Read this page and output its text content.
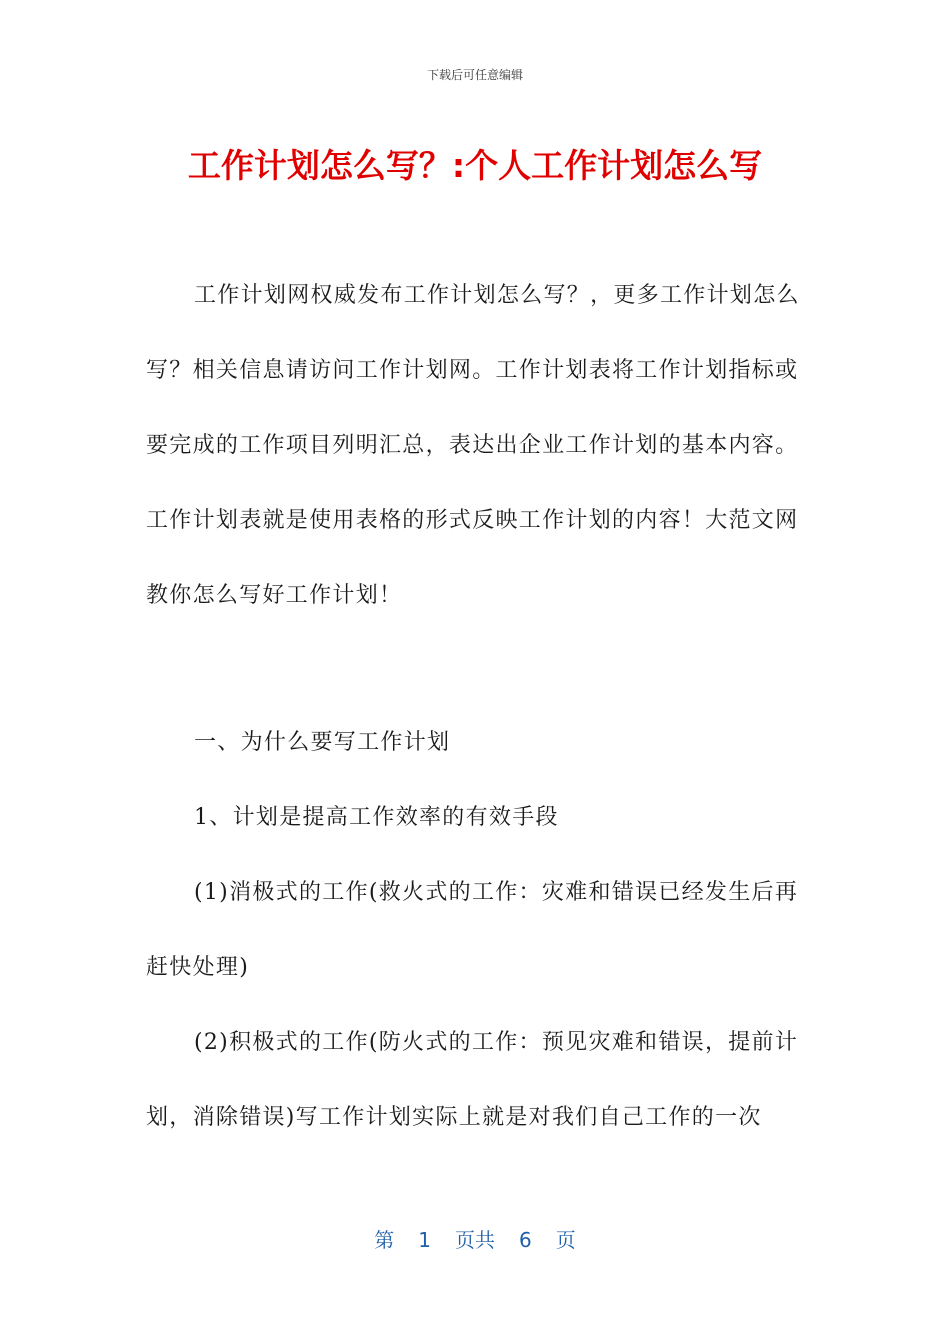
下载后可任意编辑
工作计划怎么写？:个人工作计划怎么写

工作计划网权威发布工作计划怎么写？，更多工作计划怎么写？相关信息请访问工作计划网。工作计划表将工作计划指标或要完成的工作项目列明汇总，表达出企业工作计划的基本内容。工作计划表就是使用表格的形式反映工作计划的内容！大范文网教你怎么写好工作计划！

一、为什么要写工作计划

1、计划是提高工作效率的有效手段

(1)消极式的工作(救火式的工作：灾难和错误已经发生后再赶快处理)

(2)积极式的工作(防火式的工作：预见灾难和错误，提前计划，消除错误)写工作计划实际上就是对我们自己工作的一次

第 1 页共 6 页
